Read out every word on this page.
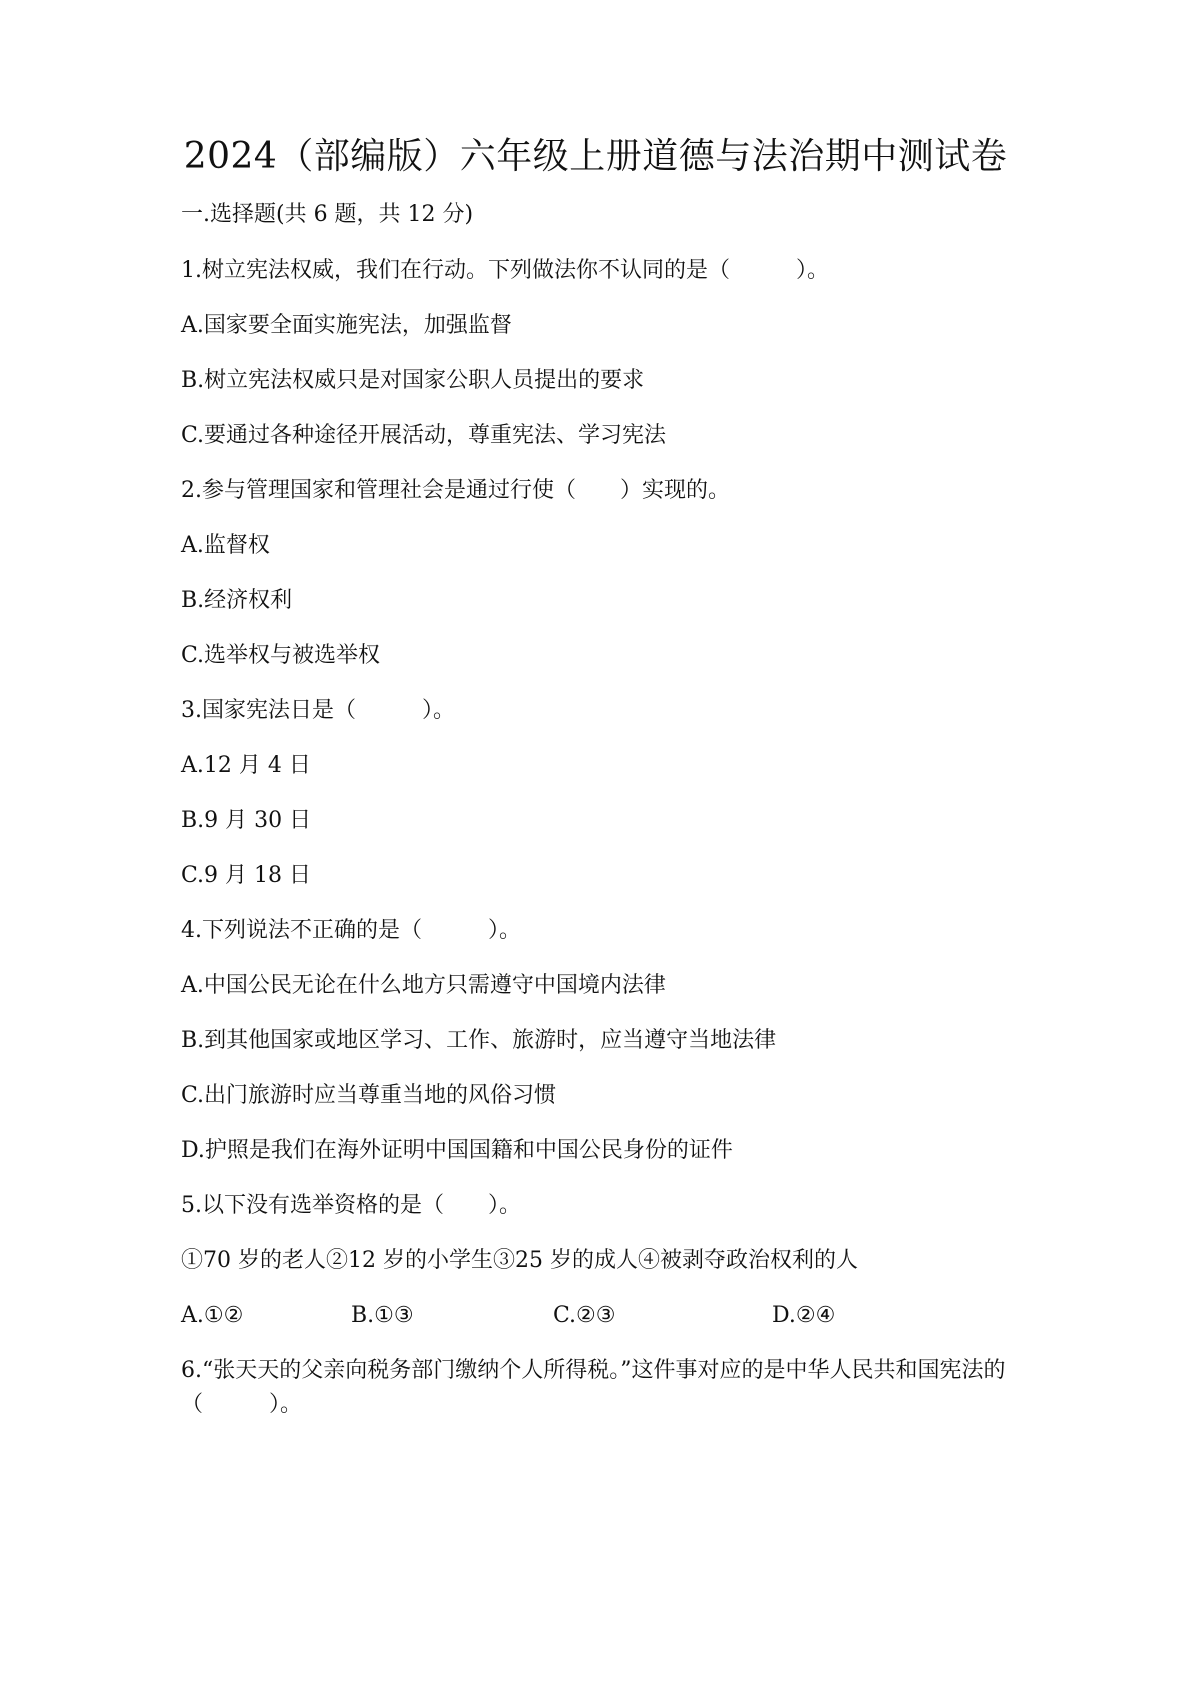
2024（部编版）六年级上册道德与法治期中测试卷
一.选择题(共 6 题，共 12 分)
1.树立宪法权威，我们在行动。下列做法你不认同的是（　　　）。
A.国家要全面实施宪法，加强监督
B.树立宪法权威只是对国家公职人员提出的要求
C.要通过各种途径开展活动，尊重宪法、学习宪法
2.参与管理国家和管理社会是通过行使（　　）实现的。
A.监督权
B.经济权利
C.选举权与被选举权
3.国家宪法日是（　　　）。
A.12 月 4 日
B.9 月 30 日
C.9 月 18 日
4.下列说法不正确的是（　　　）。
A.中国公民无论在什么地方只需遵守中国境内法律
B.到其他国家或地区学习、工作、旅游时，应当遵守当地法律
C.出门旅游时应当尊重当地的风俗习惯
D.护照是我们在海外证明中国国籍和中国公民身份的证件
5.以下没有选举资格的是（　　）。
①70 岁的老人②12 岁的小学生③25 岁的成人④被剥夺政治权利的人
A.①②	B.①③	C.②③	D.②④
6.“张天天的父亲向税务部门缴纳个人所得税。”这件事对应的是中华人民共和国宪法的（　　　）。
